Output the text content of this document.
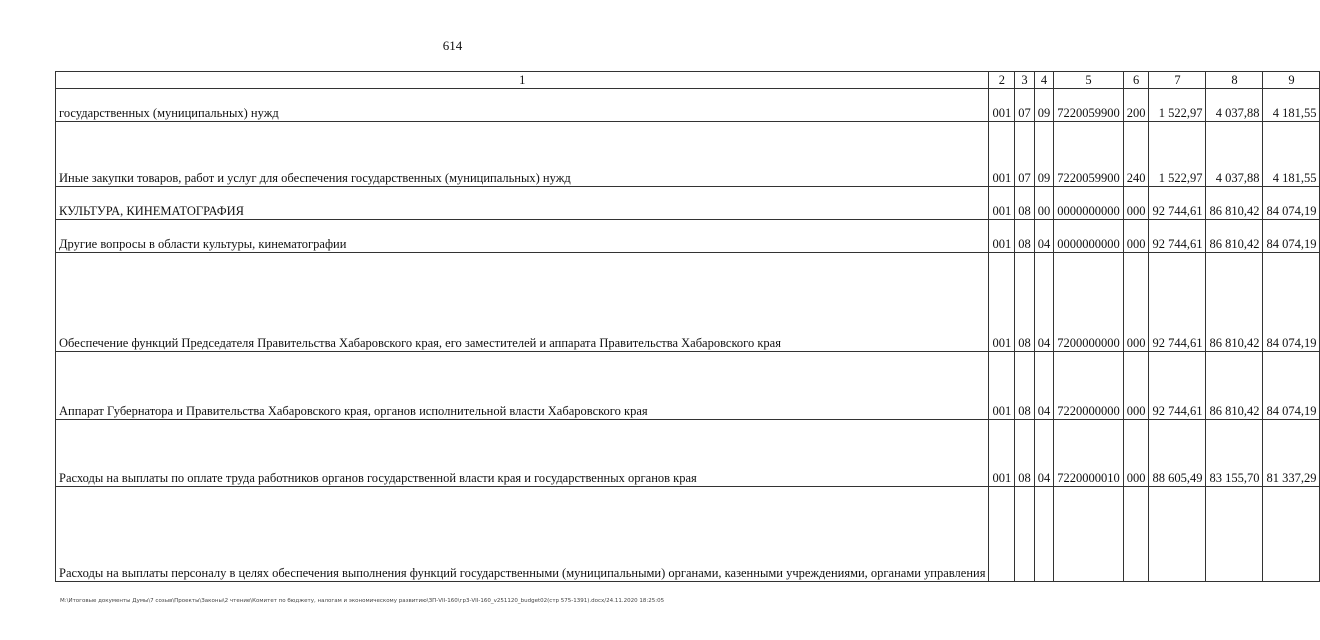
614
1	2	3	4	5	6	7	8	9
государственных (муниципальных) нужд	001	07	09	7220059900	200	1 522,97	4 037,88	4 181,55
Иные закупки товаров, работ и услуг для обеспечения государственных (муниципальных) нужд	001	07	09	7220059900	240	1 522,97	4 037,88	4 181,55
КУЛЬТУРА, КИНЕМАТОГРАФИЯ	001	08	00	0000000000	000	92 744,61	86 810,42	84 074,19
Другие вопросы в области культуры, кинематографии	001	08	04	0000000000	000	92 744,61	86 810,42	84 074,19
Обеспечение функций Председателя Правительства Хабаровского края, его заместителей и аппарата Правительства Хабаровского края	001	08	04	7200000000	000	92 744,61	86 810,42	84 074,19
Аппарат Губернатора и Правительства Хабаровского края, органов исполнительной власти Хабаровского края	001	08	04	7220000000	000	92 744,61	86 810,42	84 074,19
Расходы на выплаты по оплате труда работников органов государственной власти края и государственных органов края	001	08	04	7220000010	000	88 605,49	83 155,70	81 337,29
Расходы на выплаты персоналу в целях обеспечения выполнения функций государственными (муниципальными) органами, казенными учреждениями, органами управления								
M:\Итоговые документы Думы\7 созыв\Проекты\Законы\2 чтение\Комитет по бюджету, налогам и экономическому развитию\ЗП-VII-160\гр3-VII-160_v251120_budget02(стр 575-1391).docx/24.11.2020 18:25:05
